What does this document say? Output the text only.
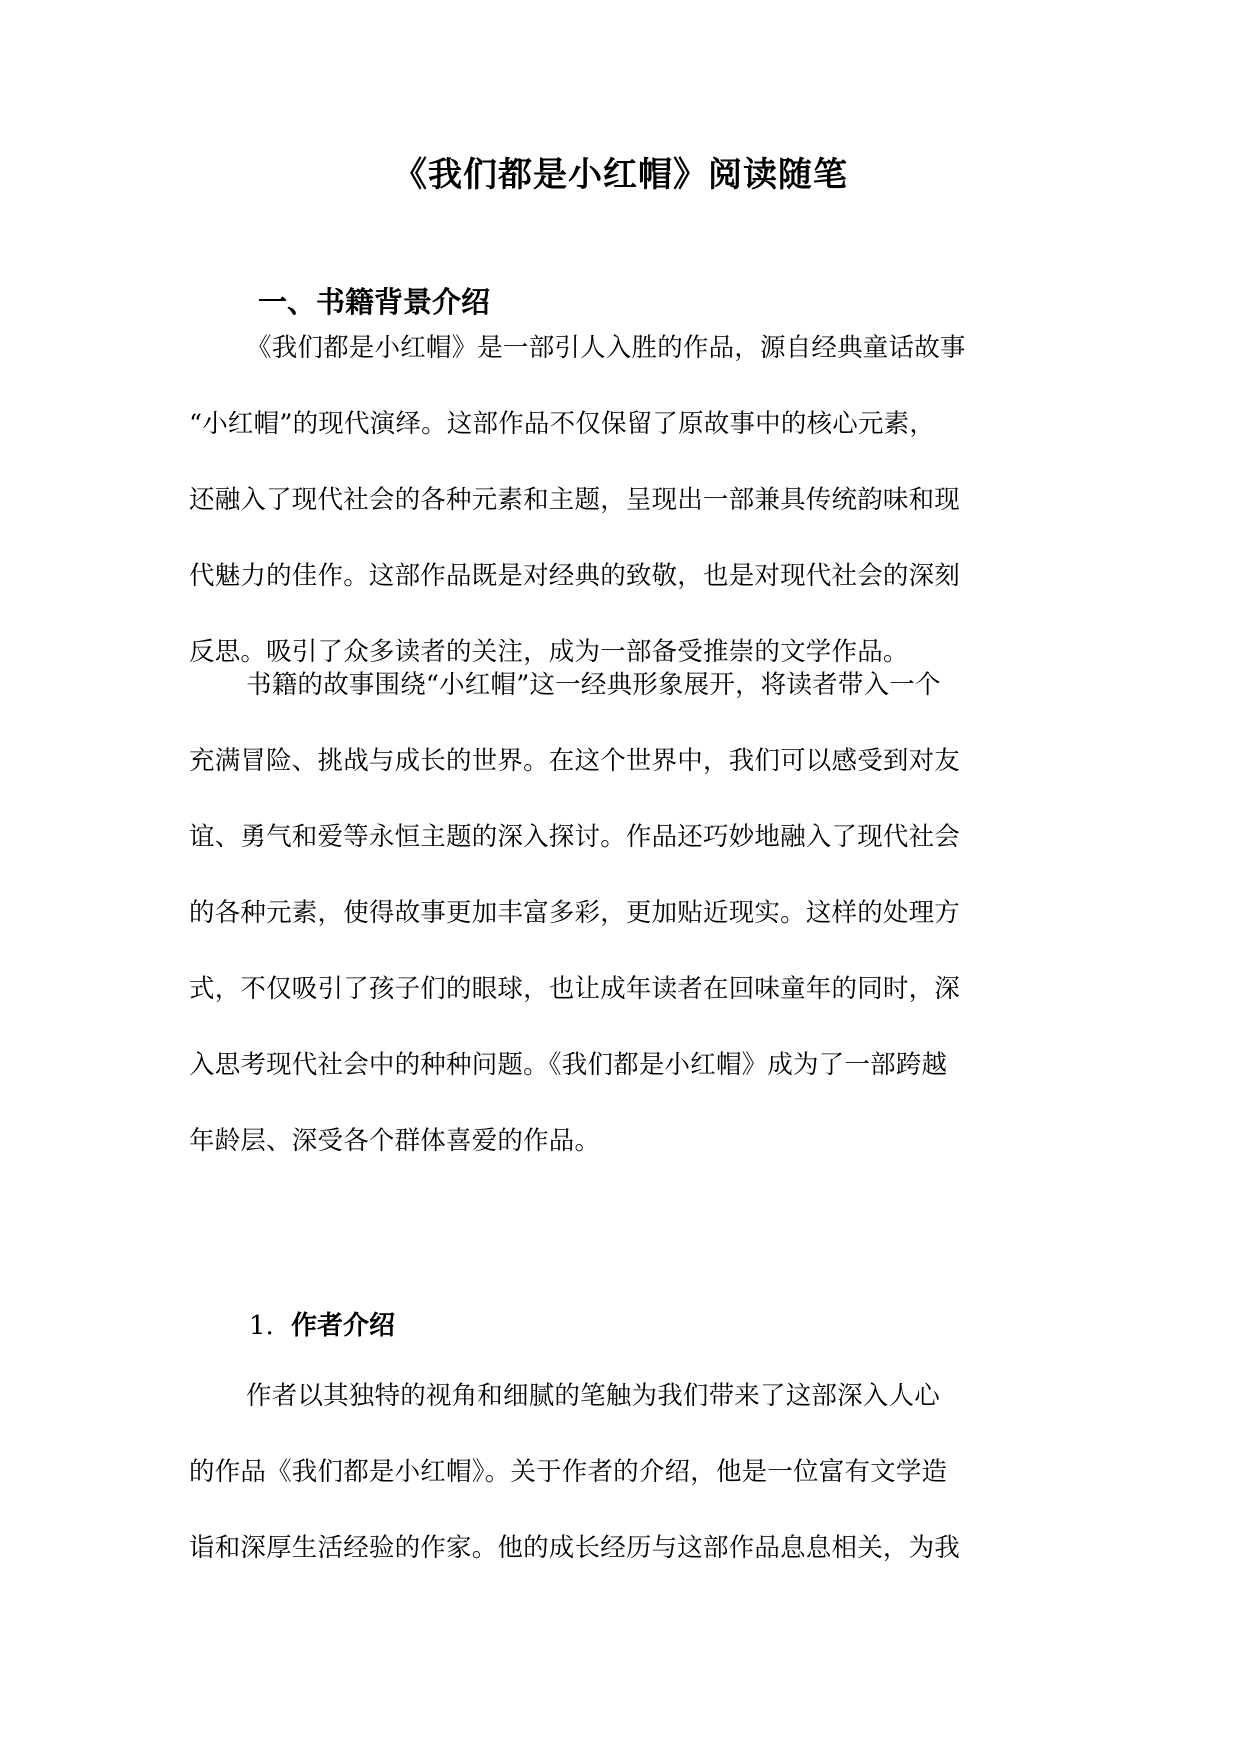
《我们都是小红帽》阅读随笔
一、书籍背景介绍
《我们都是小红帽》是一部引人入胜的作品，源自经典童话故事
“小红帽”的现代演绎。这部作品不仅保留了原故事中的核心元素，
还融入了现代社会的各种元素和主题，呈现出一部兼具传统韵味和现
代魅力的佳作。这部作品既是对经典的致敬，也是对现代社会的深刻
反思。吸引了众多读者的关注，成为一部备受推崇的文学作品。
书籍的故事围绕“小红帽”这一经典形象展开，将读者带入一个
充满冒险、挑战与成长的世界。在这个世界中，我们可以感受到对友
谊、勇气和爱等永恒主题的深入探讨。作品还巧妙地融入了现代社会
的各种元素，使得故事更加丰富多彩，更加贴近现实。这样的处理方
式，不仅吸引了孩子们的眼球，也让成年读者在回味童年的同时，深
入思考现代社会中的种种问题。《我们都是小红帽》成为了一部跨越
年龄层、深受各个群体喜爱的作品。
1. 作者介绍
作者以其独特的视角和细腻的笔触为我们带来了这部深入人心
的作品《我们都是小红帽》。关于作者的介绍，他是一位富有文学造
诣和深厚生活经验的作家。他的成长经历与这部作品息息相关，为我
